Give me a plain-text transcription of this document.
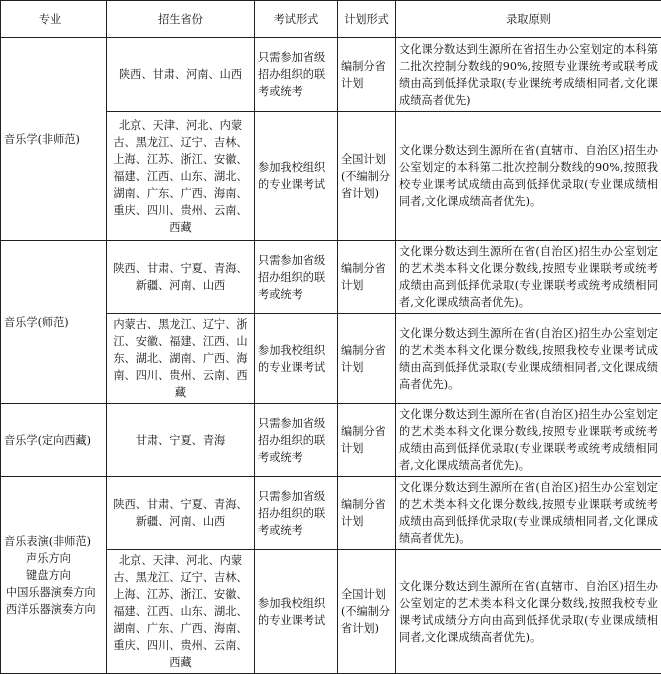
专业	招生省份	考试形式	计划形式	录取原则
音乐学(非师范)	陕西、甘肃、河南、山西	只需参加省级招办组织的联考或统考	编制分省计划	文化课分数达到生源所在省招生办公室划定的本科第二批次控制分数线的90%,按照专业课统考或联考成绩由高到低择优录取(专业课统考成绩相同者,文化课成绩高者优先)
	北京、天津、河北、内蒙古、黑龙江、辽宁、吉林、上海、江苏、浙江、安徽、福建、江西、山东、湖北、湖南、广东、广西、海南、重庆、四川、贵州、云南、西藏	参加我校组织的专业课考试	全国计划(不编制分省计划)	文化课分数达到生源所在省(直辖市、自治区)招生办公室划定的本科第二批次控制分数线的90%,按照我校专业课考试成绩由高到低择优录取(专业课成绩相同者,文化课成绩高者优先)。
音乐学(师范)	陕西、甘肃、宁夏、青海、新疆、河南、山西	只需参加省级招办组织的联考或统考	编制分省计划	文化课分数达到生源所在省(自治区)招生办公室划定的艺术类本科文化课分数线,按照专业课联考或统考成绩由高到低择优录取(专业课联考或统考成绩相同者,文化课成绩高者优先)。
	内蒙古、黑龙江、辽宁、浙江、安徽、福建、江西、山东、湖北、湖南、广西、海南、四川、贵州、云南、西藏	参加我校组织的专业课考试	编制分省计划	文化课分数达到生源所在省(自治区)招生办公室划定的艺术类本科文化课分数线,按照我校专业课考试成绩由高到低择优录取(专业课成绩相同者,文化课成绩高者优先)。
音乐学(定向西藏)	甘肃、宁夏、青海	只需参加省级招办组织的联考或统考	编制分省计划	文化课分数达到生源所在省(自治区)招生办公室划定的艺术类本科文化课分数线,按照专业课联考或统考成绩由高到低择优录取(专业课联考或统考成绩相同者,文化课成绩高者优先)。

音乐表演(非师范)
声乐方向
键盘方向
中国乐器演奏方向
西洋乐器演奏方向	陕西、甘肃、宁夏、青海、新疆、河南、山西	只需参加省级招办组织的联考或统考	编制分省计划	文化课分数达到生源所在省(自治区)招生办公室划定的艺术类本科文化课分数线,按照专业课联考或统考成绩由高到低择优录取(专业课成绩相同者,文化课成绩高者优先)。
	北京、天津、河北、内蒙古、黑龙江、辽宁、吉林、上海、江苏、浙江、安徽、福建、江西、山东、湖北、湖南、广东、广西、海南、重庆、四川、贵州、云南、西藏	参加我校组织的专业课考试	全国计划(不编制分省计划)	文化课分数达到生源所在省(直辖市、自治区)招生办公室划定的艺术类本科文化课分数线,按照我校专业课考试成绩分方向由高到低择优录取(专业课成绩相同者,文化课成绩高者优先)。
